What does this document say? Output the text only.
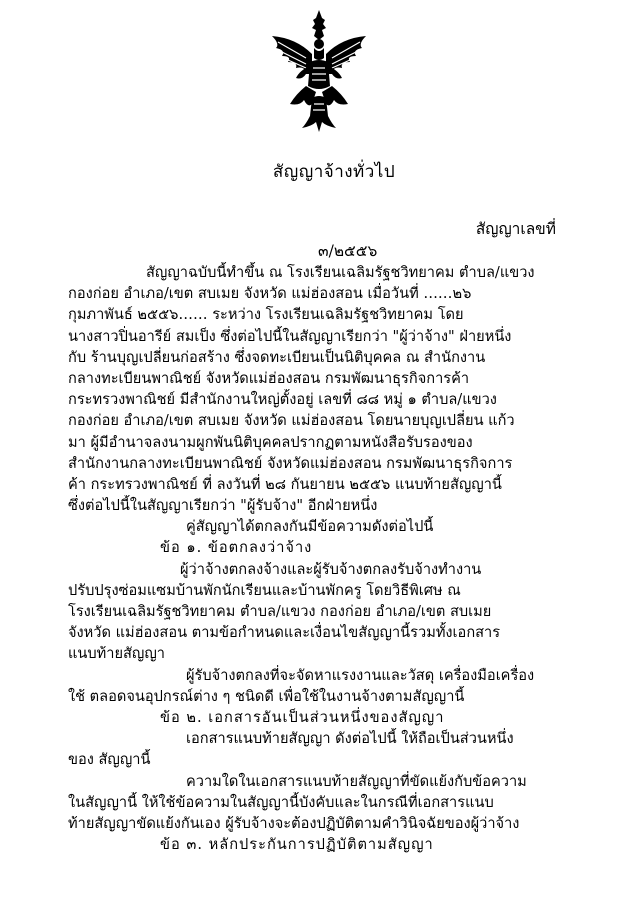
สัญญาจ้างทั่วไป
สัญญาเลขที่
๓/๒๕๕๖
สัญญาฉบับนี้ทำขึ้น ณ โรงเรียนเฉลิมรัฐชวิทยาคม ตำบล/แขวง
กองก่อย อำเภอ/เขต สบเมย จังหวัด แม่ฮ่องสอน เมื่อวันที่ ……๒๖
กุมภาพันธ์ ๒๕๕๖…… ระหว่าง โรงเรียนเฉลิมรัฐชวิทยาคม โดย
นางสาวปิ่นอารีย์ สมเป็ง ซึ่งต่อไปนี้ในสัญญาเรียกว่า "ผู้ว่าจ้าง" ฝ่ายหนึ่ง
กับ ร้านบุญเปลี่ยนก่อสร้าง ซึ่งจดทะเบียนเป็นนิติบุคคล ณ สำนักงาน
กลางทะเบียนพาณิชย์ จังหวัดแม่ฮ่องสอน กรมพัฒนาธุรกิจการค้า
กระทรวงพาณิชย์ มีสำนักงานใหญ่ตั้งอยู่ เลขที่ ๘๘ หมู่ ๑ ตำบล/แขวง
กองก่อย อำเภอ/เขต สบเมย จังหวัด แม่ฮ่องสอน โดยนายบุญเปลี่ยน แก้ว
มา ผู้มีอำนาจลงนามผูกพันนิติบุคคลปรากฏตามหนังสือรับรองของ
สำนักงานกลางทะเบียนพาณิชย์ จังหวัดแม่ฮ่องสอน กรมพัฒนาธุรกิจการ
ค้า กระทรวงพาณิชย์ ที่ ลงวันที่ ๒๘ กันยายน ๒๕๕๖ แนบท้ายสัญญานี้
ซึ่งต่อไปนี้ในสัญญาเรียกว่า "ผู้รับจ้าง" อีกฝ่ายหนึ่ง
คู่สัญญาได้ตกลงกันมีข้อความดังต่อไปนี้
ข้อ ๑. ข้อตกลงว่าจ้าง
ผู้ว่าจ้างตกลงจ้างและผู้รับจ้างตกลงรับจ้างทำงาน
ปรับปรุงซ่อมแซมบ้านพักนักเรียนและบ้านพักครู โดยวิธีพิเศษ ณ
โรงเรียนเฉลิมรัฐชวิทยาคม ตำบล/แขวง กองก่อย อำเภอ/เขต สบเมย
จังหวัด แม่ฮ่องสอน ตามข้อกำหนดและเงื่อนไขสัญญานี้รวมทั้งเอกสาร
แนบท้ายสัญญา
ผู้รับจ้างตกลงที่จะจัดหาแรงงานและวัสดุ เครื่องมือเครื่อง
ใช้ ตลอดจนอุปกรณ์ต่าง ๆ ชนิดดี เพื่อใช้ในงานจ้างตามสัญญานี้
ข้อ ๒. เอกสารอันเป็นส่วนหนึ่งของสัญญา
เอกสารแนบท้ายสัญญา ดังต่อไปนี้ ให้ถือเป็นส่วนหนึ่ง
ของ สัญญานี้
ความใดในเอกสารแนบท้ายสัญญาที่ขัดแย้งกับข้อความ
ในสัญญานี้ ให้ใช้ข้อความในสัญญานี้บังคับและในกรณีที่เอกสารแนบ
ท้ายสัญญาขัดแย้งกันเอง ผู้รับจ้างจะต้องปฏิบัติตามคำวินิจฉัยของผู้ว่าจ้าง
ข้อ ๓. หลักประกันการปฏิบัติตามสัญญา
